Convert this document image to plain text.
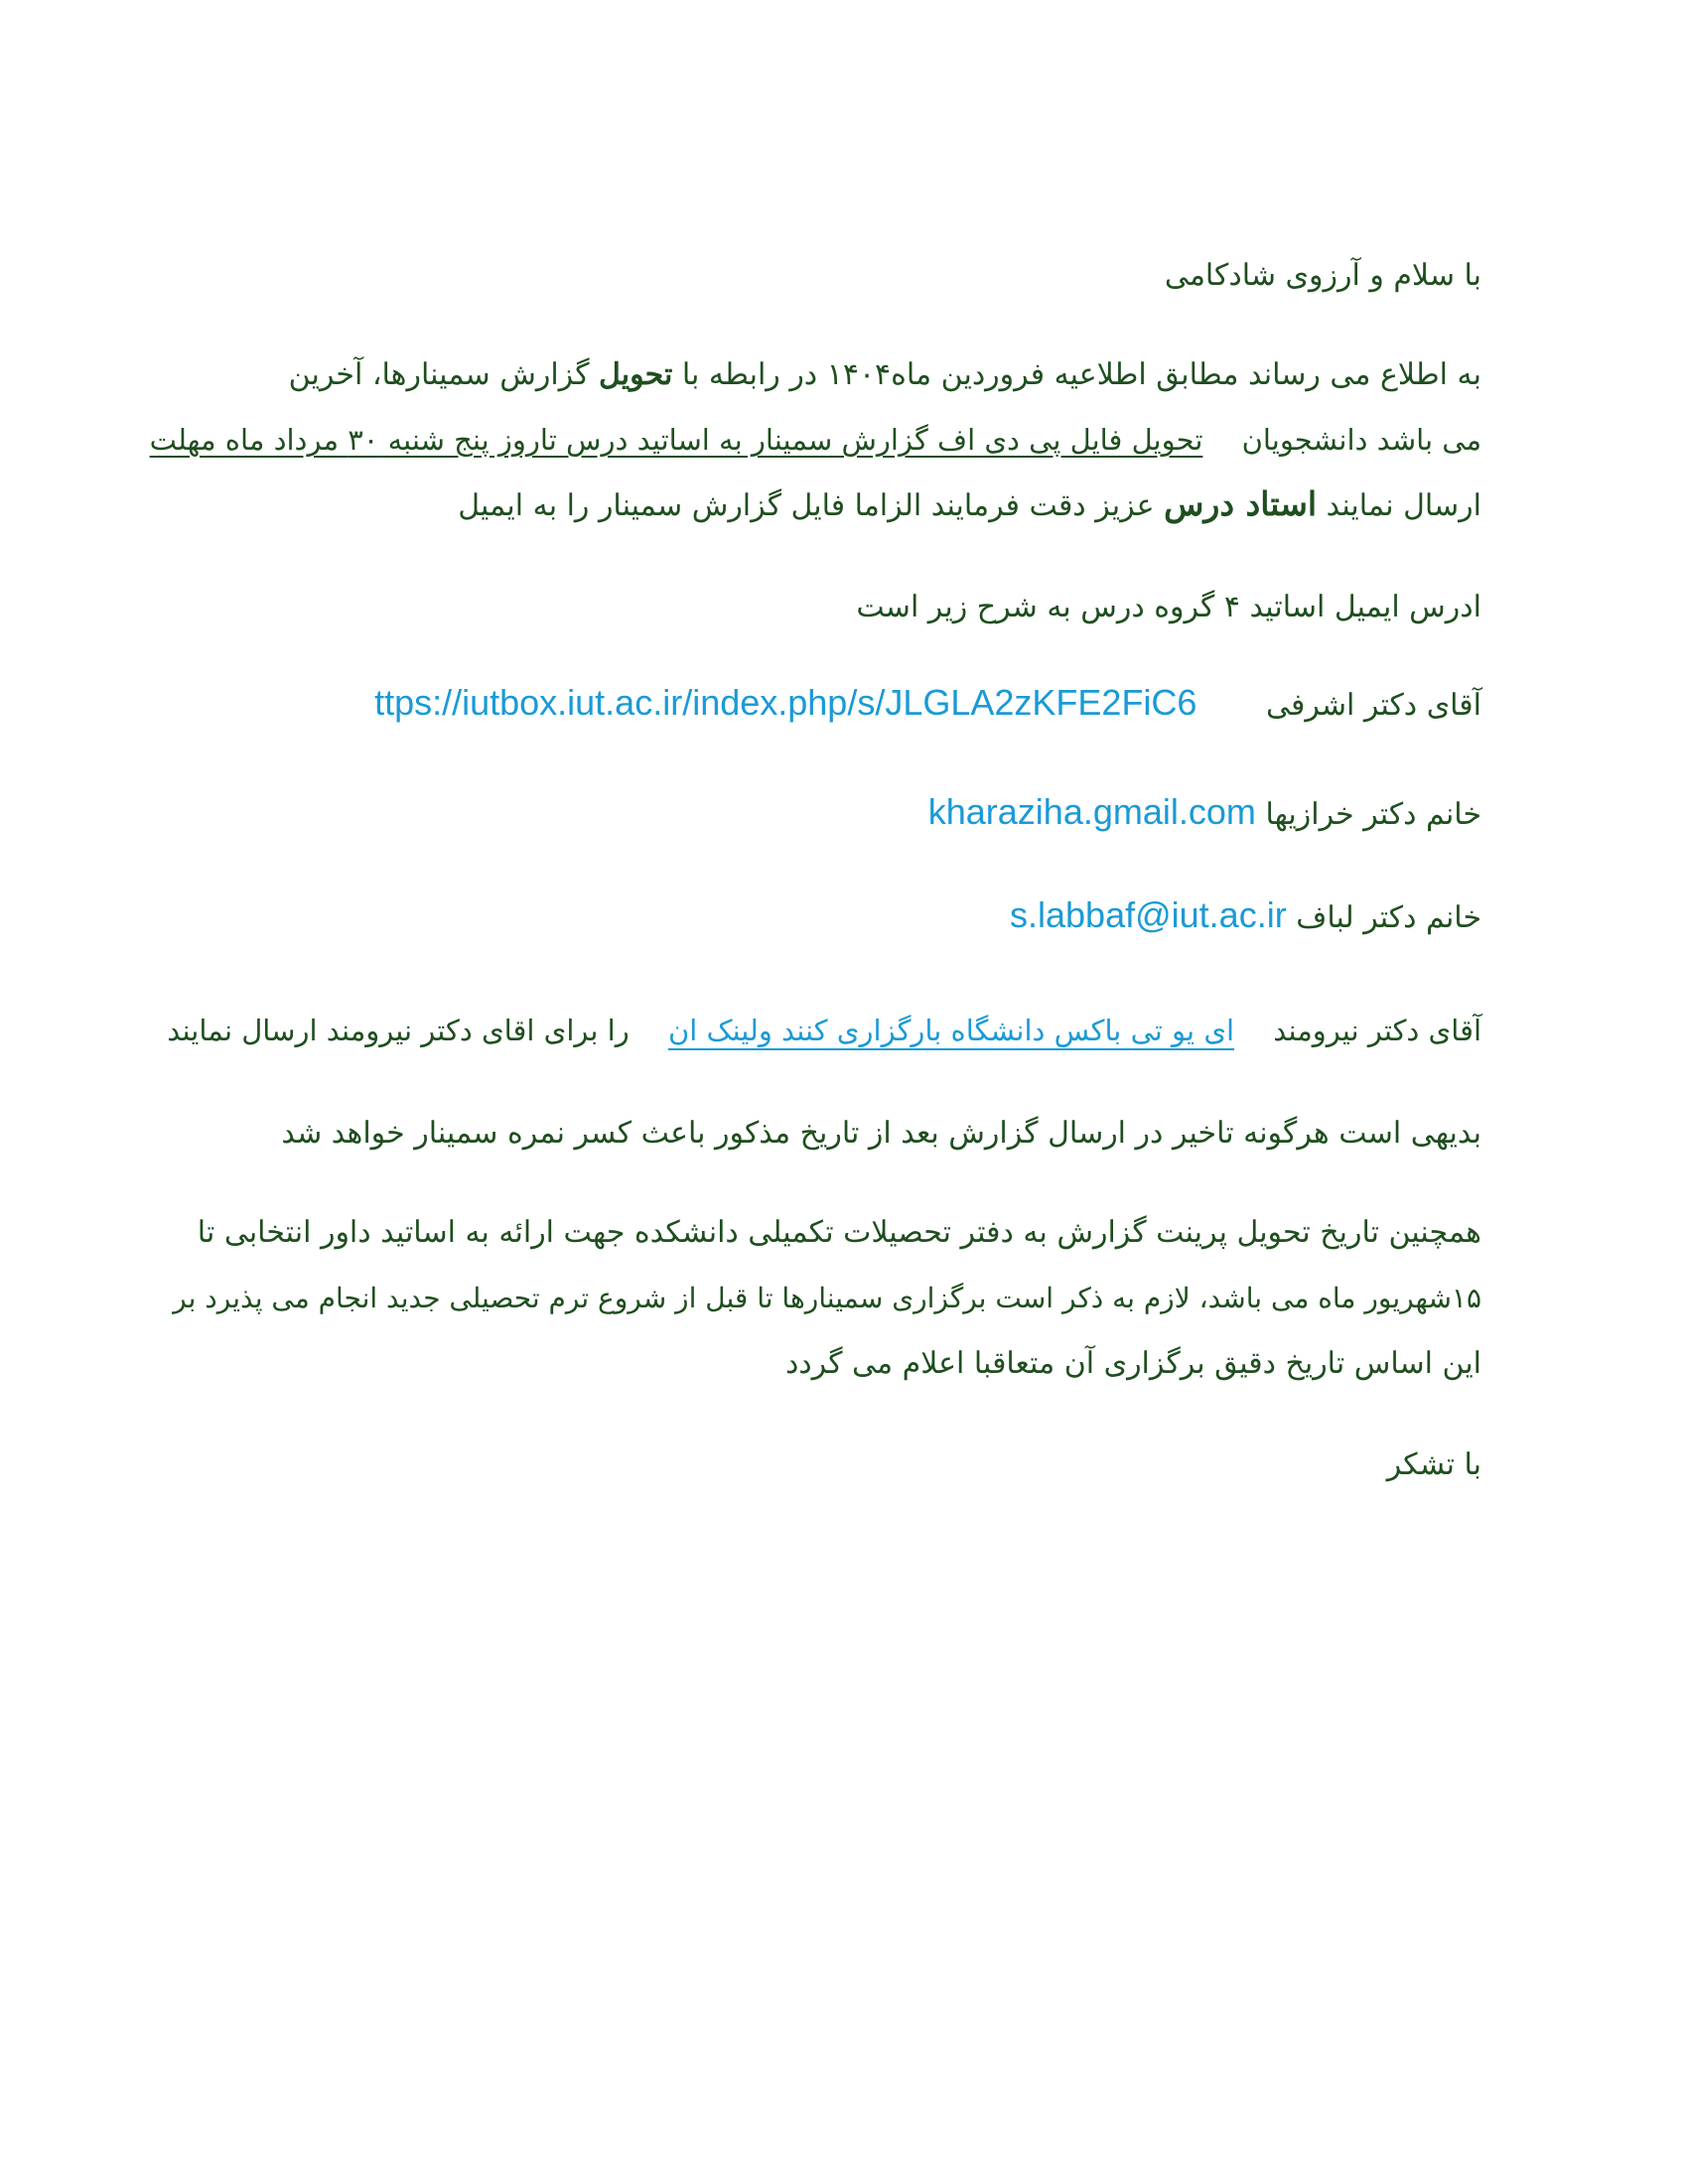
با سلام و آرزوی شادکامی
به اطلاع می رساند مطابق اطلاعیه فروردین ماه۱۴۰۴ در رابطه با تحویل گزارش سمینارها، آخرین
می باشد دانشجویان تحویل فایل پی دی اف گزارش سمینار به اساتید درس تاروز پنج شنبه ۳۰ مرداد ماه مهلت
ارسال نمایند استاد درس عزیز دقت فرمایند الزاما فایل گزارش سمینار را به ایمیل
ادرس ایمیل اساتید ۴ گروه درس به شرح زیر است
آقای دکتر اشرفی ttps://iutbox.iut.ac.ir/index.php/s/JLGLA2zKFE2FiC6
خانم دکتر خرازیها kharaziha.gmail.com
خانم دکتر لباف s.labbaf@iut.ac.ir
آقای دکتر نیرومند ای یو تی باکس دانشگاه بارگزاری کنند ولینک ان را برای اقای دکتر نیرومند ارسال نمایند
بدیهی است هرگونه تاخیر در ارسال گزارش بعد از تاریخ مذکور باعث کسر نمره سمینار خواهد شد
همچنین تاریخ تحویل پرینت گزارش به دفتر تحصیلات تکمیلی دانشکده جهت ارائه به اساتید داور انتخابی تا
۱۵شهریور ماه می باشد، لازم به ذکر است برگزاری سمینارها تا قبل از شروع ترم تحصیلی جدید انجام می پذیرد بر
این اساس تاریخ دقیق برگزاری آن متعاقبا اعلام می گردد
با تشکر
